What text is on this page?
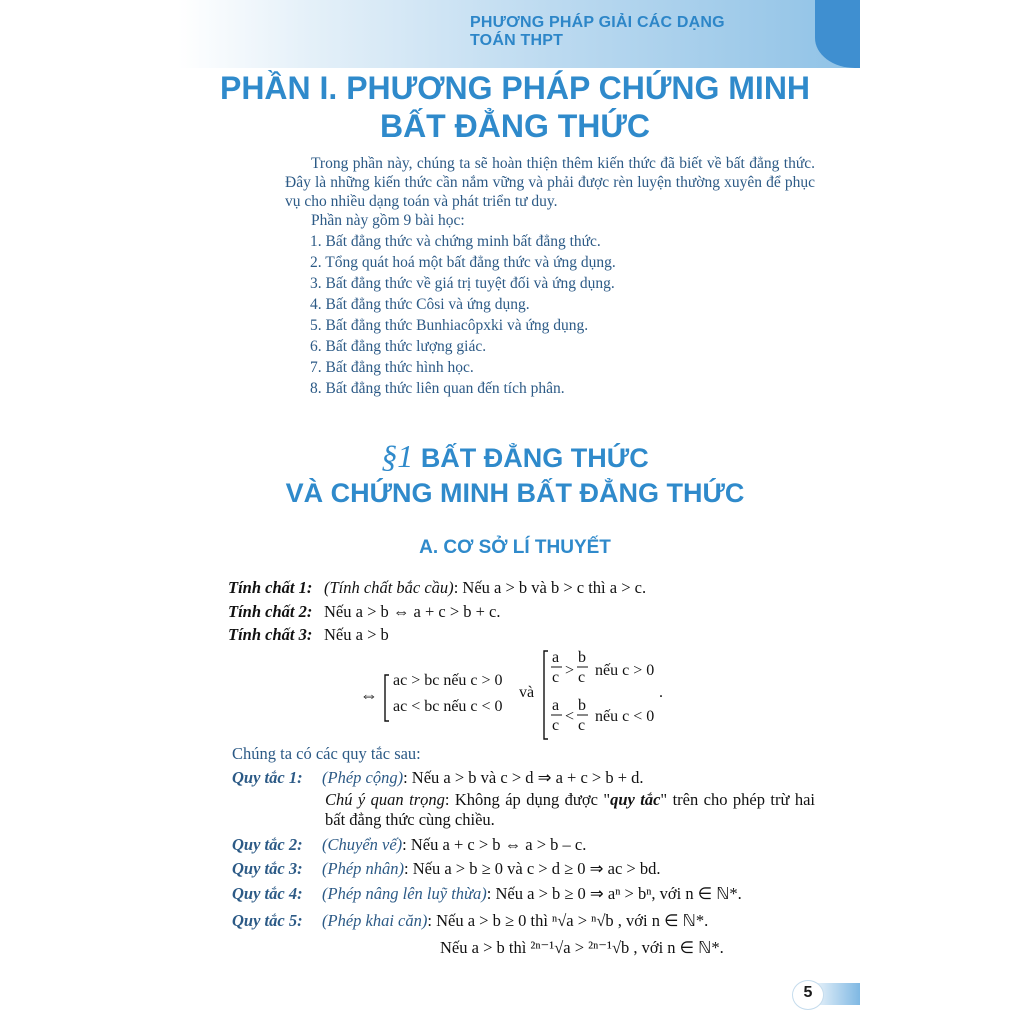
PHƯƠNG PHÁP GIẢI CÁC DẠNG TOÁN THPT
PHẦN I. PHƯƠNG PHÁP CHỨNG MINH
BẤT ĐẲNG THỨC

Trong phần này, chúng ta sẽ hoàn thiện thêm kiến thức đã biết về bất đẳng thức. Đây là những kiến thức cần nắm vững và phải được rèn luyện thường xuyên để phục vụ cho nhiều dạng toán và phát triển tư duy.

Phần này gồm 9 bài học:

1. Bất đẳng thức và chứng minh bất đẳng thức.
2. Tổng quát hoá một bất đẳng thức và ứng dụng.
3. Bất đẳng thức về giá trị tuyệt đối và ứng dụng.
4. Bất đẳng thức Côsi và ứng dụng.
5. Bất đẳng thức Bunhiacôpxki và ứng dụng.
6. Bất đẳng thức lượng giác.
7. Bất đẳng thức hình học.
8. Bất đẳng thức liên quan đến tích phân.
§1 BẤT ĐẲNG THỨC
VÀ CHỨNG MINH BẤT ĐẲNG THỨC
A. CƠ SỞ LÍ THUYẾT
Tính chất 1: (Tính chất bắc cầu): Nếu a > b và b > c thì a > c.
Tính chất 2: Nếu a > b ⇔ a + c > b + c.
Tính chất 3: Nếu a > b
⇔
ac > bc nếu c > 0
ac < bc nếu c < 0
và
a
c >
b
c nếu c > 0
a
c
<
b
c
nếu c < 0
.
Chúng ta có các quy tắc sau:
Quy tắc 1: (Phép cộng): Nếu a > b và c > d ⇒ a + c > b + d.
Chú ý quan trọng: Không áp dụng được "quy tắc" trên cho phép trừ hai bất đẳng thức cùng chiều.
Quy tắc 2: (Chuyển vế): Nếu a + c > b ⇔ a > b – c.
Quy tắc 3: (Phép nhân): Nếu a > b ≥ 0 và c > d ≥ 0 ⇒ ac > bd.
Quy tắc 4: (Phép nâng lên luỹ thừa): Nếu a > b ≥ 0 ⇒ aⁿ > bⁿ, với n ∈ ℕ*.
Quy tắc 5: (Phép khai căn): Nếu a > b ≥ 0 thì ⁿ√a > ⁿ√b , với n ∈ ℕ*.
Nếu a > b thì ²ⁿ⁻¹√a > ²ⁿ⁻¹√b , với n ∈ ℕ*.
5
